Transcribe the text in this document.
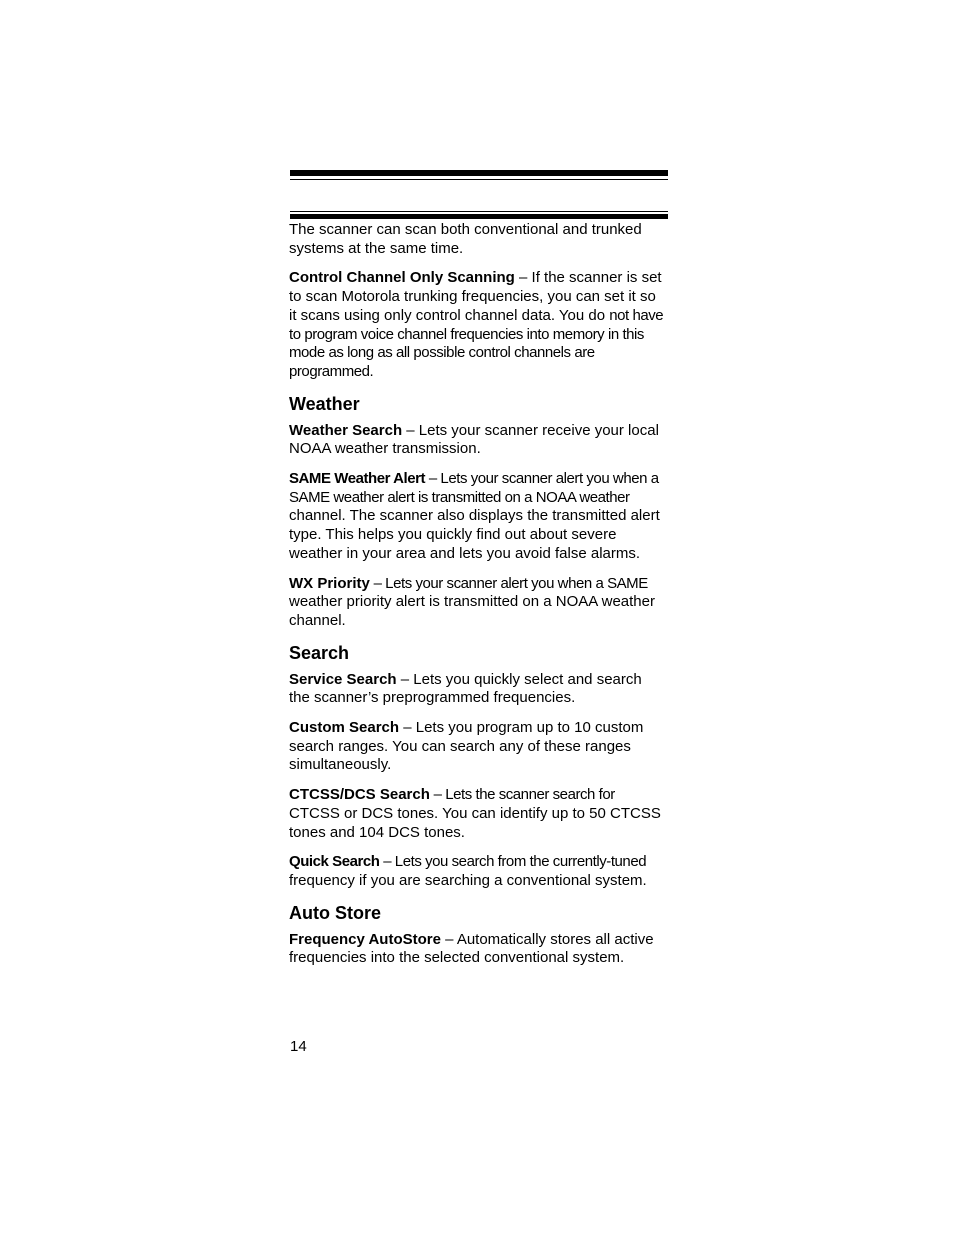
The scanner can scan both conventional and trunked systems at the same time.

Control Channel Only Scanning – If the scanner is set to scan Motorola trunking frequencies, you can set it so it scans using only control channel data. You do not have to program voice channel frequencies into memory in this mode as long as all possible control channels are programmed.

Weather

Weather Search – Lets your scanner receive your local NOAA weather transmission.

SAME Weather Alert – Lets your scanner alert you when a SAME weather alert is transmitted on a NOAA weather channel. The scanner also displays the transmitted alert type. This helps you quickly find out about severe weather in your area and lets you avoid false alarms.

WX Priority – Lets your scanner alert you when a SAME weather priority alert is transmitted on a NOAA weather channel.

Search

Service Search – Lets you quickly select and search the scanner’s preprogrammed frequencies.

Custom Search – Lets you program up to 10 custom search ranges. You can search any of these ranges simultaneously.

CTCSS/DCS Search – Lets the scanner search for CTCSS or DCS tones. You can identify up to 50 CTCSS tones and 104 DCS tones.

Quick Search – Lets you search from the currently-tuned frequency if you are searching a conventional system.

Auto Store

Frequency AutoStore – Automatically stores all active frequencies into the selected conventional system.

14
